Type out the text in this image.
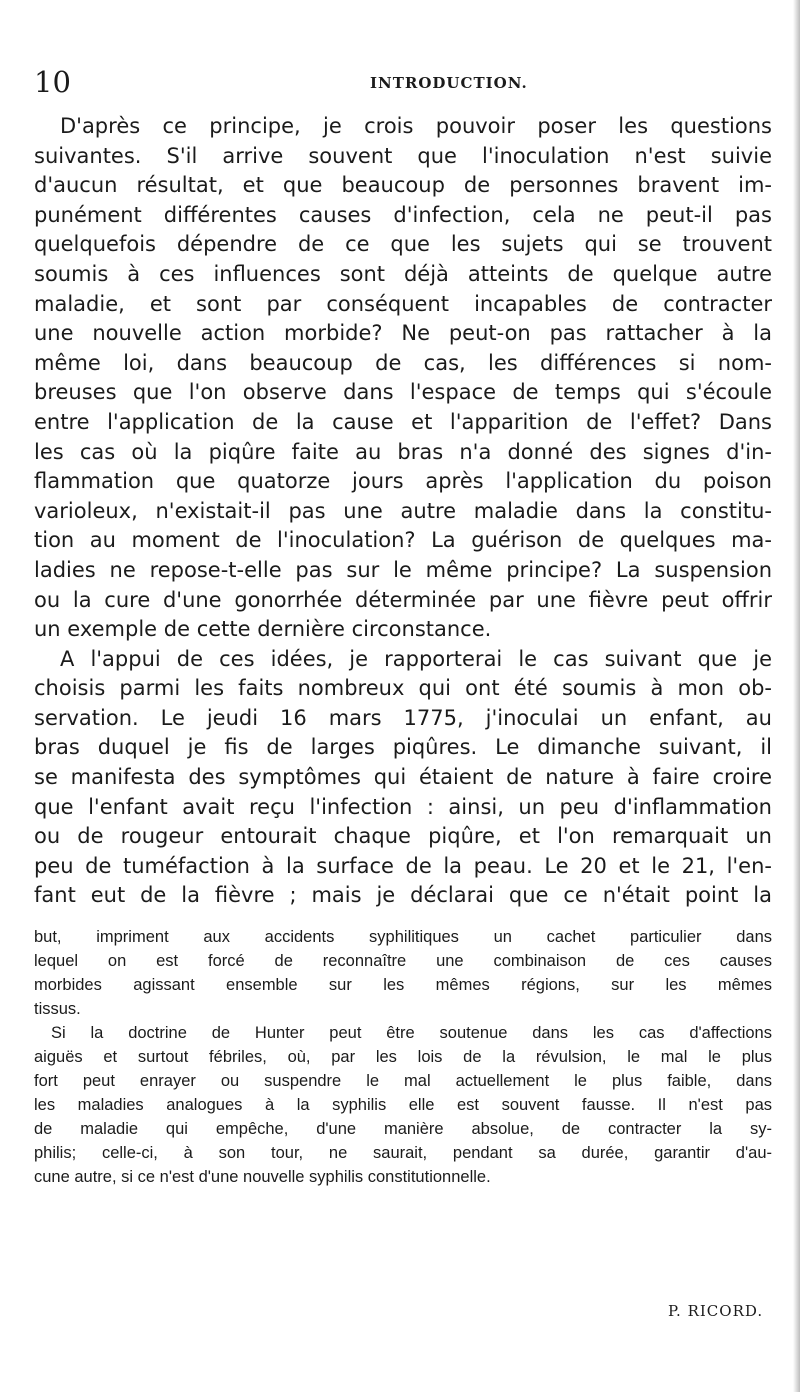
10	INTRODUCTION.
D'après ce principe, je crois pouvoir poser les questions
suivantes. S'il arrive souvent que l'inoculation n'est suivie
d'aucun résultat, et que beaucoup de personnes bravent im-
punément différentes causes d'infection, cela ne peut-il pas
quelquefois dépendre de ce que les sujets qui se trouvent
soumis à ces influences sont déjà atteints de quelque autre
maladie, et sont par conséquent incapables de contracter
une nouvelle action morbide? Ne peut-on pas rattacher à la
même loi, dans beaucoup de cas, les différences si nom-
breuses que l'on observe dans l'espace de temps qui s'écoule
entre l'application de la cause et l'apparition de l'effet? Dans
les cas où la piqûre faite au bras n'a donné des signes d'in-
flammation que quatorze jours après l'application du poison
varioleux, n'existait-il pas une autre maladie dans la constitu-
tion au moment de l'inoculation? La guérison de quelques ma-
ladies ne repose-t-elle pas sur le même principe? La suspension
ou la cure d'une gonorrhée déterminée par une fièvre peut offrir
un exemple de cette dernière circonstance.
A l'appui de ces idées, je rapporterai le cas suivant que je
choisis parmi les faits nombreux qui ont été soumis à mon ob-
servation. Le jeudi 16 mars 1775, j'inoculai un enfant, au
bras duquel je fis de larges piqûres. Le dimanche suivant, il
se manifesta des symptômes qui étaient de nature à faire croire
que l'enfant avait reçu l'infection : ainsi, un peu d'inflammation
ou de rougeur entourait chaque piqûre, et l'on remarquait un
peu de tuméfaction à la surface de la peau. Le 20 et le 21, l'en-
fant eut de la fièvre ; mais je déclarai que ce n'était point la
but, impriment aux accidents syphilitiques un cachet particulier dans
lequel on est forcé de reconnaître une combinaison de ces causes
morbides agissant ensemble sur les mêmes régions, sur les mêmes
tissus.
Si la doctrine de Hunter peut être soutenue dans les cas d'affections
aiguës et surtout fébriles, où, par les lois de la révulsion, le mal le plus
fort peut enrayer ou suspendre le mal actuellement le plus faible, dans
les maladies analogues à la syphilis elle est souvent fausse. Il n'est pas
de maladie qui empêche, d'une manière absolue, de contracter la sy-
philis; celle-ci, à son tour, ne saurait, pendant sa durée, garantir d'au-
cune autre, si ce n'est d'une nouvelle syphilis constitutionnelle.
P. RICORD.
